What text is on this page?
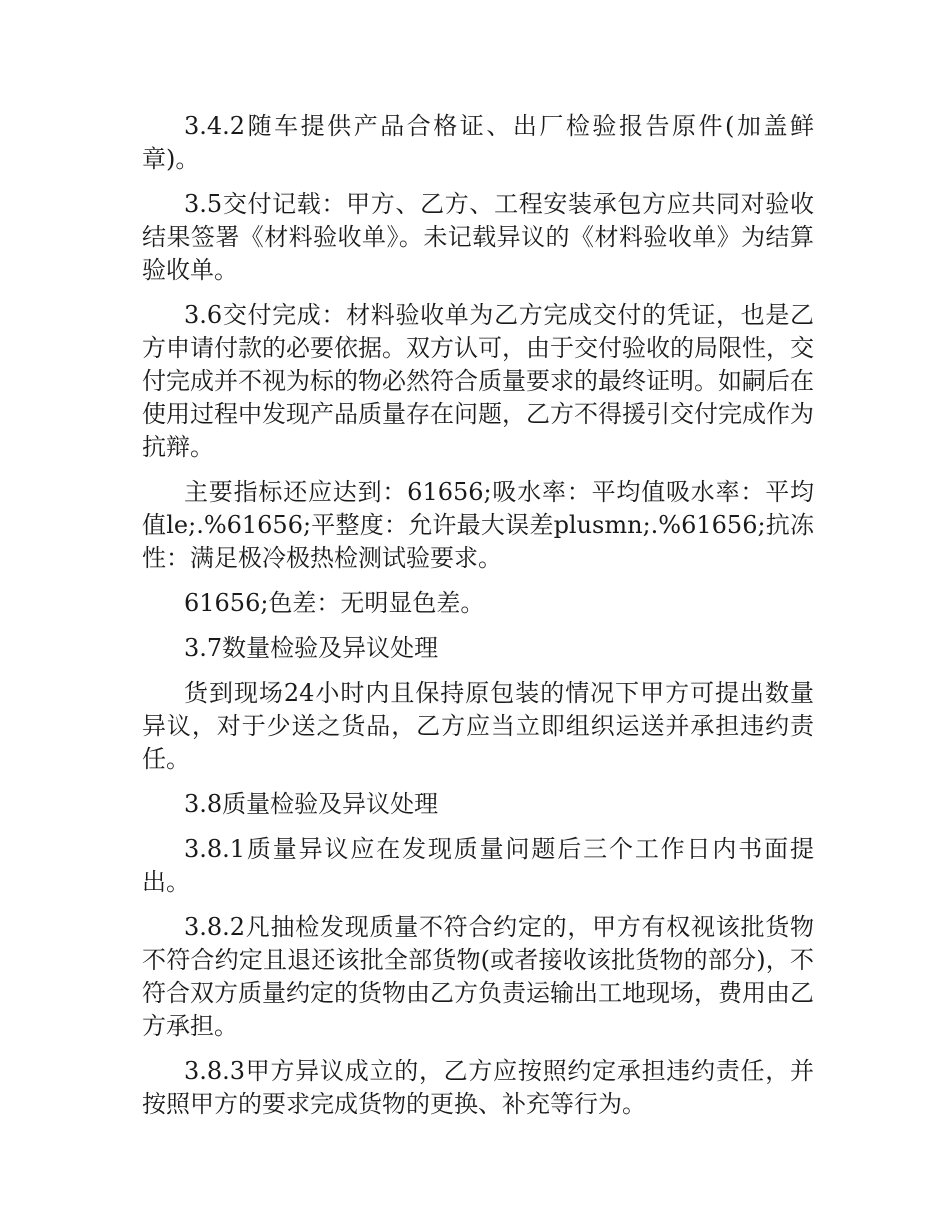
3.4.2随车提供产品合格证、出厂检验报告原件(加盖鲜章)。

3.5交付记载：甲方、乙方、工程安装承包方应共同对验收结果签署《材料验收单》。未记载异议的《材料验收单》为结算验收单。

3.6交付完成：材料验收单为乙方完成交付的凭证，也是乙方申请付款的必要依据。双方认可，由于交付验收的局限性，交付完成并不视为标的物必然符合质量要求的最终证明。如嗣后在使用过程中发现产品质量存在问题，乙方不得援引交付完成作为抗辩。

主要指标还应达到：61656;吸水率：平均值吸水率：平均值le;.%61656;平整度：允许最大误差plusmn;.%61656;抗冻性：满足极冷极热检测试验要求。

61656;色差：无明显色差。

3.7数量检验及异议处理

货到现场24小时内且保持原包装的情况下甲方可提出数量异议，对于少送之货品，乙方应当立即组织运送并承担违约责任。

3.8质量检验及异议处理

3.8.1质量异议应在发现质量问题后三个工作日内书面提出。

3.8.2凡抽检发现质量不符合约定的，甲方有权视该批货物不符合约定且退还该批全部货物(或者接收该批货物的部分)，不符合双方质量约定的货物由乙方负责运输出工地现场，费用由乙方承担。

3.8.3甲方异议成立的，乙方应按照约定承担违约责任，并按照甲方的要求完成货物的更换、补充等行为。
